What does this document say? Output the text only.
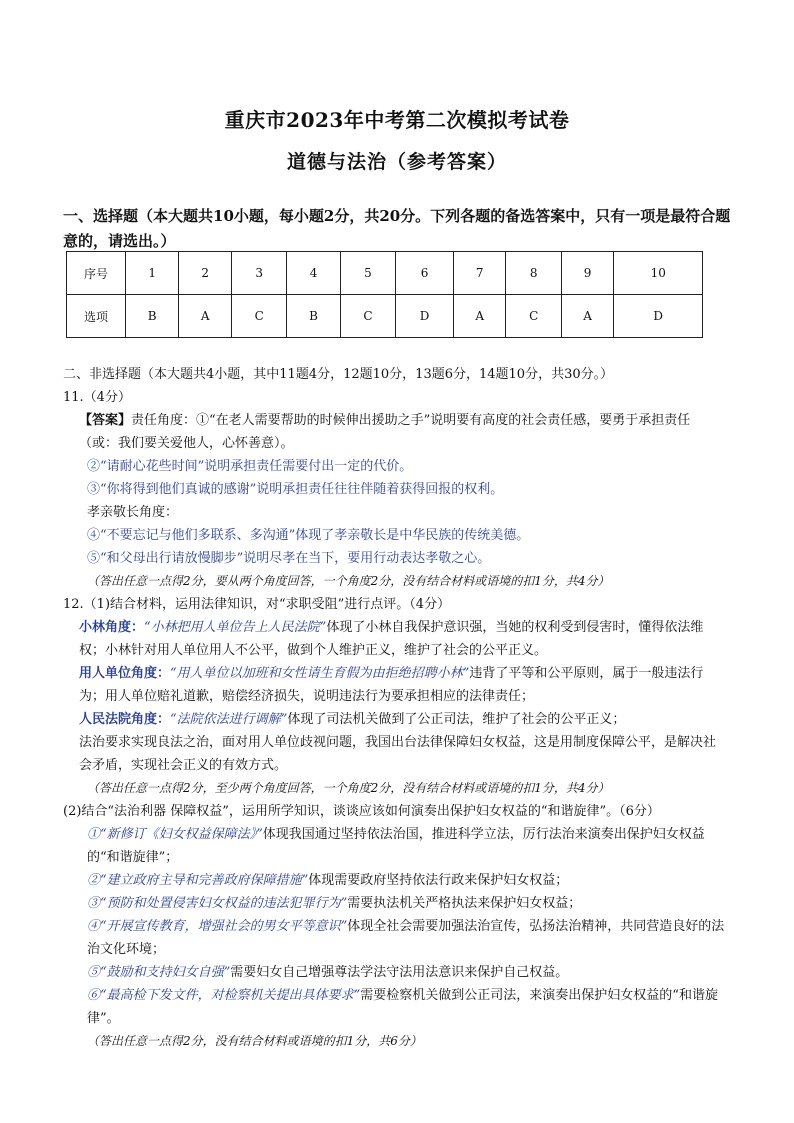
重庆市2023年中考第二次模拟考试卷
道德与法治（参考答案）
一、选择题（本大题共10小题，每小题2分，共20分。下列各题的备选答案中，只有一项是最符合题意的，请选出。）
序号	1	2	3	4	5	6	7	8	9	10
选项	B	A	C	B	C	D	A	C	A	D

二、非选择题（本大题共4小题，其中11题4分，12题10分，13题6分，14题10分，共30分。）

11.（4分）

【答案】责任角度：①“在老人需要帮助的时候伸出援助之手”说明要有高度的社会责任感，要勇于承担责任（或：我们要关爱他人，心怀善意）。

②“请耐心花些时间”说明承担责任需要付出一定的代价。

③“你将得到他们真诚的感谢”说明承担责任往往伴随着获得回报的权利。

孝亲敬长角度：

④“不要忘记与他们多联系、多沟通”体现了孝亲敬长是中华民族的传统美德。

⑤“和父母出行请放慢脚步”说明尽孝在当下，要用行动表达孝敬之心。

（答出任意一点得2分，要从两个角度回答，一个角度2分，没有结合材料或语境的扣1分，共4分）

12.（1)结合材料，运用法律知识，对“求职受阻”进行点评。（4分）

小林角度：“小林把用人单位告上人民法院”体现了小林自我保护意识强，当她的权利受到侵害时，懂得依法维权；小林针对用人单位用人不公平，做到个人维护正义，维护了社会的公平正义。

用人单位角度：“用人单位以加班和女性请生育假为由拒绝招聘小林”违背了平等和公平原则，属于一般违法行为；用人单位赔礼道歉，赔偿经济损失，说明违法行为要承担相应的法律责任；

人民法院角度：“法院依法进行调解”体现了司法机关做到了公正司法，维护了社会的公平正义；

法治要求实现良法之治，面对用人单位歧视问题，我国出台法律保障妇女权益，这是用制度保障公平，是解决社会矛盾，实现社会正义的有效方式。

（答出任意一点得2分，至少两个角度回答，一个角度2分，没有结合材料或语境的扣1分，共4分）

(2)结合“法治利器 保障权益”，运用所学知识，谈谈应该如何演奏出保护妇女权益的“和谐旋律”。（6分）

①“新修订《妇女权益保障法》”体现我国通过坚持依法治国，推进科学立法，厉行法治来演奏出保护妇女权益的“和谐旋律”；

②“建立政府主导和完善政府保障措施”体现需要政府坚持依法行政来保护妇女权益；

③“预防和处置侵害妇女权益的违法犯罪行为”需要执法机关严格执法来保护妇女权益；

④“开展宣传教育，增强社会的男女平等意识”体现全社会需要加强法治宣传，弘扬法治精神，共同营造良好的法治文化环境；

⑤“鼓励和支持妇女自强”需要妇女自己增强尊法学法守法用法意识来保护自己权益。

⑥“最高检下发文件，对检察机关提出具体要求”需要检察机关做到公正司法，来演奏出保护妇女权益的“和谐旋律”。

（答出任意一点得2分，没有结合材料或语境的扣1分，共6分）
